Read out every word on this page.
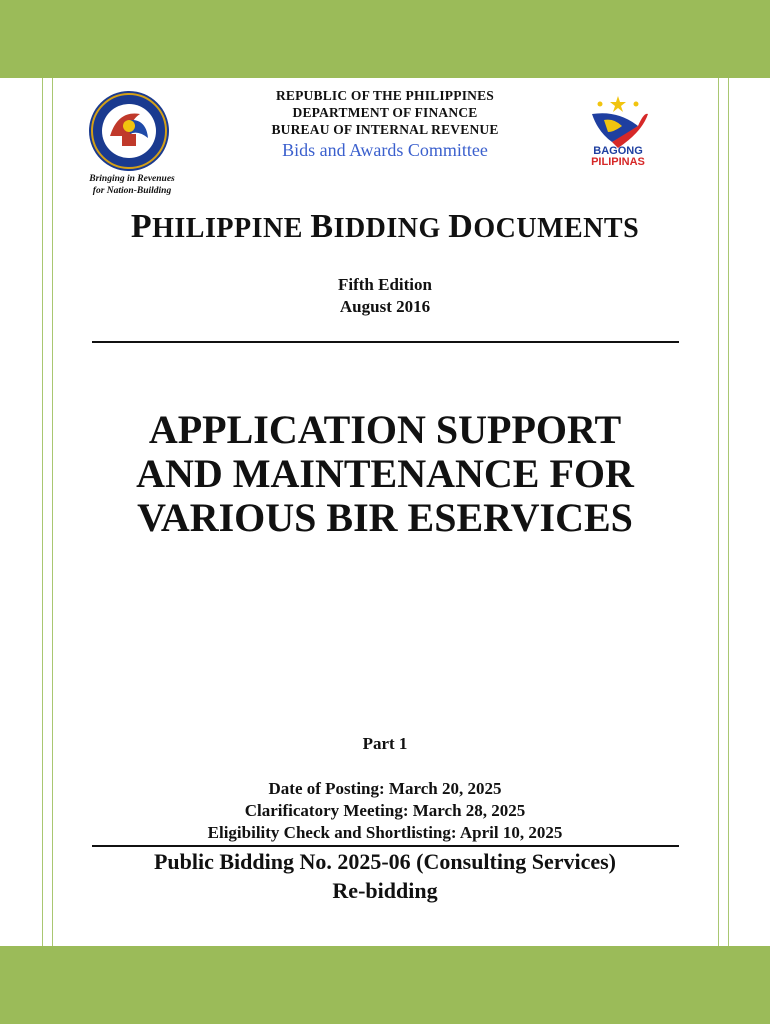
Bringing in Revenues
for Nation-Building
BAGONG
PILIPINAS
REPUBLIC OF THE PHILIPPINES
DEPARTMENT OF FINANCE
BUREAU OF INTERNAL REVENUE
Bids and Awards Committee
PHILIPPINE BIDDING DOCUMENTS
Fifth Edition
August 2016
APPLICATION SUPPORT
AND MAINTENANCE FOR
VARIOUS BIR ESERVICES
Part 1
Date of Posting: March 20, 2025
Clarificatory Meeting: March 28, 2025
Eligibility Check and Shortlisting: April 10, 2025
Public Bidding No. 2025-06 (Consulting Services)
Re-bidding
